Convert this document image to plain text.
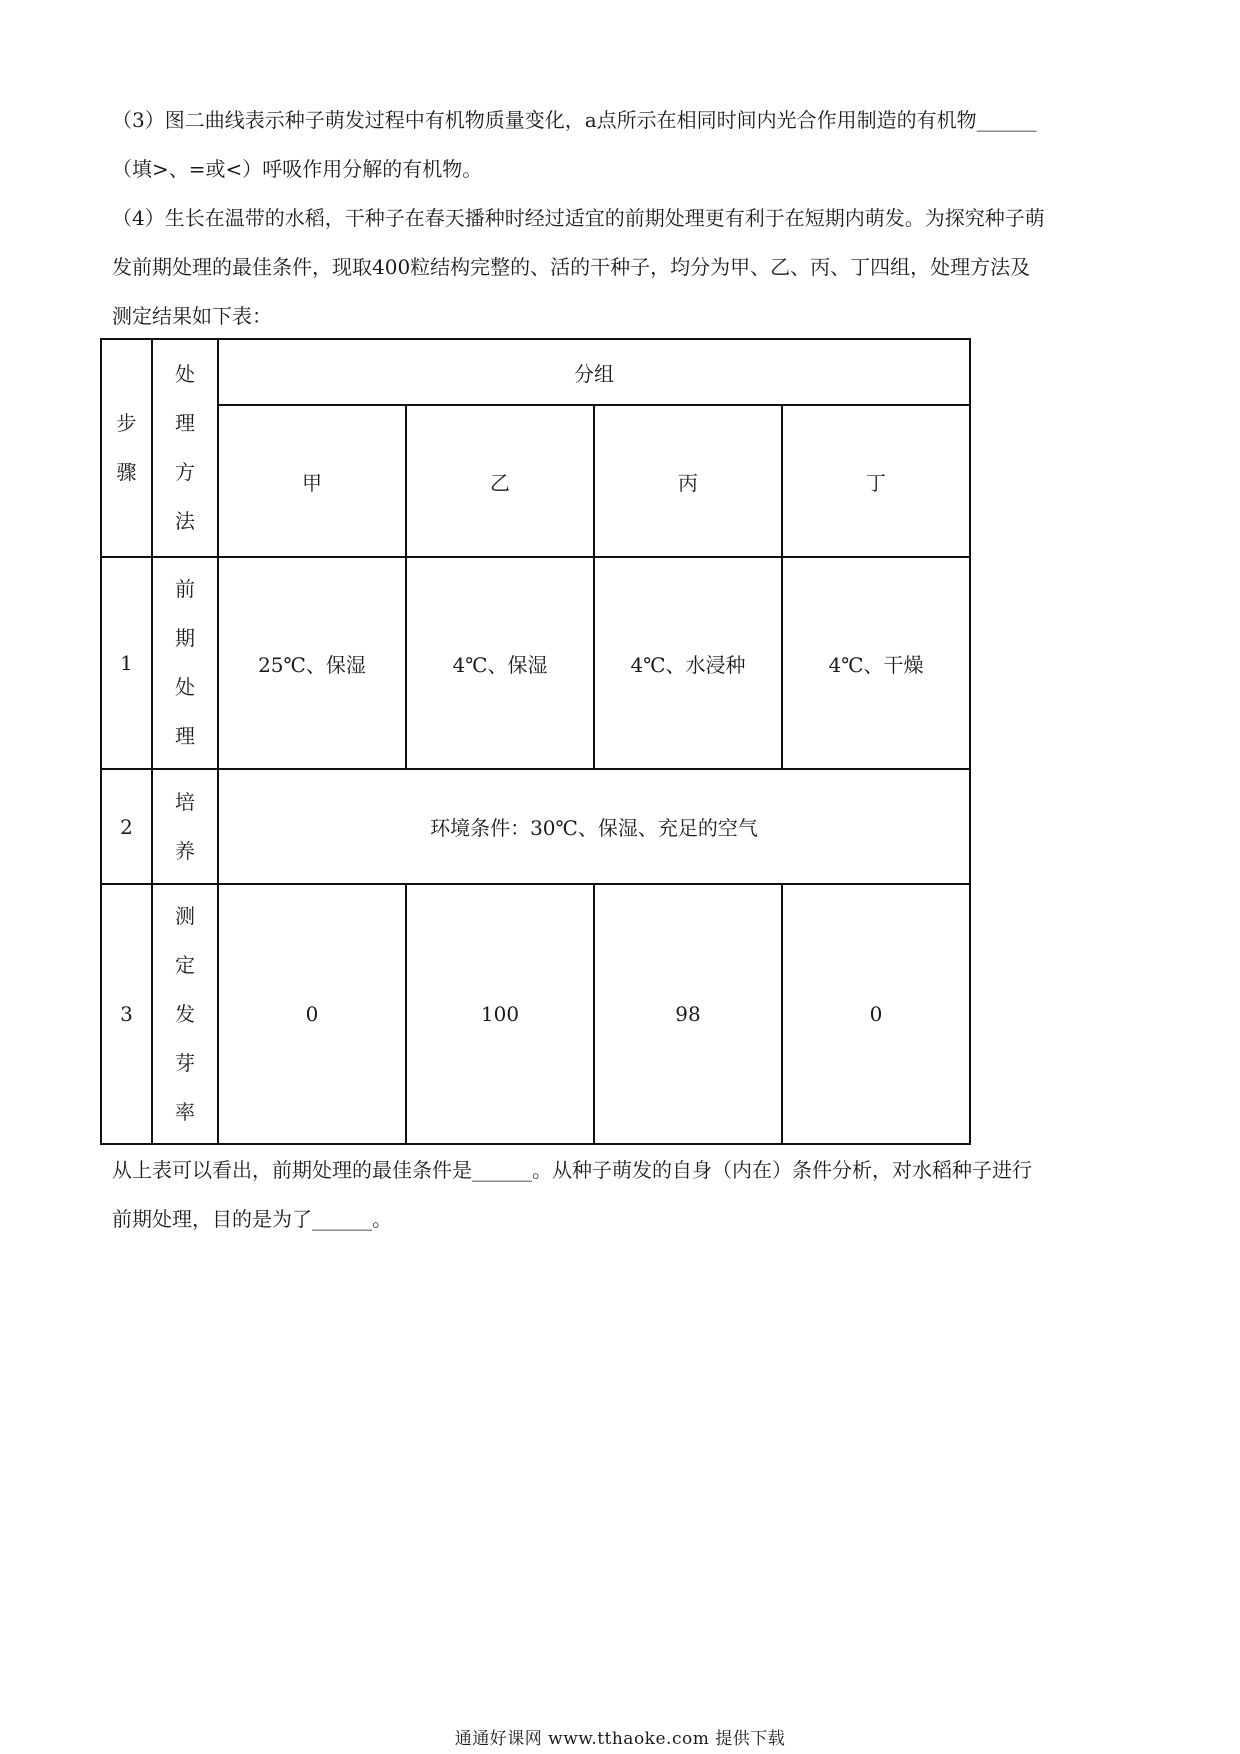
（3）图二曲线表示种子萌发过程中有机物质量变化，a点所示在相同时间内光合作用制造的有机物______
（填>、=或<）呼吸作用分解的有机物。
（4）生长在温带的水稻，干种子在春天播种时经过适宜的前期处理更有利于在短期内萌发。为探究种子萌
发前期处理的最佳条件，现取400粒结构完整的、活的干种子，均分为甲、乙、丙、丁四组，处理方法及
测定结果如下表：
步
骤	处
理
方
法	分组			
		甲	乙	丙	丁
1	前
期
处
理	25℃、保湿	4℃、保湿	4℃、水浸种	4℃、干燥
2	培
养	环境条件：30℃、保湿、充足的空气			
3	测
定
发
芽
率	0	100	98	0
从上表可以看出，前期处理的最佳条件是______。从种子萌发的自身（内在）条件分析，对水稻种子进行
前期处理，目的是为了______。
通通好课网 www.tthaoke.com 提供下载
